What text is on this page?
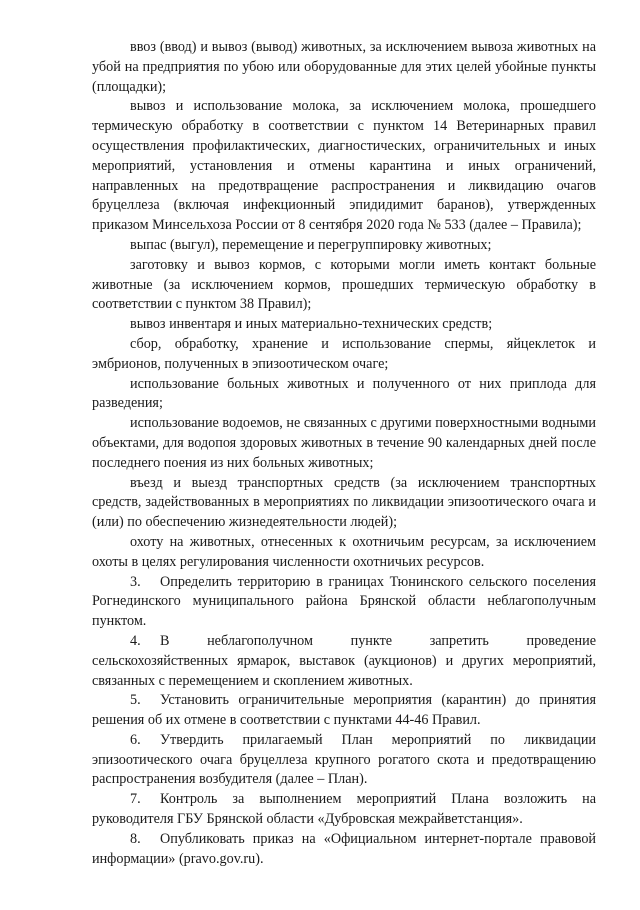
ввоз (ввод) и вывоз (вывод) животных, за исключением вывоза животных на убой на предприятия по убою или оборудованные для этих целей убойные пункты (площадки);

вывоз и использование молока, за исключением молока, прошедшего термическую обработку в соответствии с пунктом 14 Ветеринарных правил осуществления профилактических, диагностических, ограничительных и иных мероприятий, установления и отмены карантина и иных ограничений, направленных на предотвращение распространения и ликвидацию очагов бруцеллеза (включая инфекционный эпидидимит баранов), утвержденных приказом Минсельхоза России от 8 сентября 2020 года № 533 (далее – Правила);

выпас (выгул), перемещение и перегруппировку животных;

заготовку и вывоз кормов, с которыми могли иметь контакт больные животные (за исключением кормов, прошедших термическую обработку в соответствии с пунктом 38 Правил);

вывоз инвентаря и иных материально-технических средств;

сбор, обработку, хранение и использование спермы, яйцеклеток и эмбрионов, полученных в эпизоотическом очаге;

использование больных животных и полученного от них приплода для разведения;

использование водоемов, не связанных с другими поверхностными водными объектами, для водопоя здоровых животных в течение 90 календарных дней после последнего поения из них больных животных;

въезд и выезд транспортных средств (за исключением транспортных средств, задействованных в мероприятиях по ликвидации эпизоотического очага и (или) по обеспечению жизнедеятельности людей);

охоту на животных, отнесенных к охотничьим ресурсам, за исключением охоты в целях регулирования численности охотничьих ресурсов.

3. Определить территорию в границах Тюнинского сельского поселения Рогнединского муниципального района Брянской области неблагополучным пунктом.

4. В неблагополучном пункте запретить проведение сельскохозяйственных ярмарок, выставок (аукционов) и других мероприятий, связанных с перемещением и скоплением животных.

5. Установить ограничительные мероприятия (карантин) до принятия решения об их отмене в соответствии с пунктами 44-46 Правил.

6. Утвердить прилагаемый План мероприятий по ликвидации эпизоотического очага бруцеллеза крупного рогатого скота и предотвращению распространения возбудителя (далее – План).

7. Контроль за выполнением мероприятий Плана возложить на руководителя ГБУ Брянской области «Дубровская межрайветстанция».

8. Опубликовать приказ на «Официальном интернет-портале правовой информации» (pravo.gov.ru).
